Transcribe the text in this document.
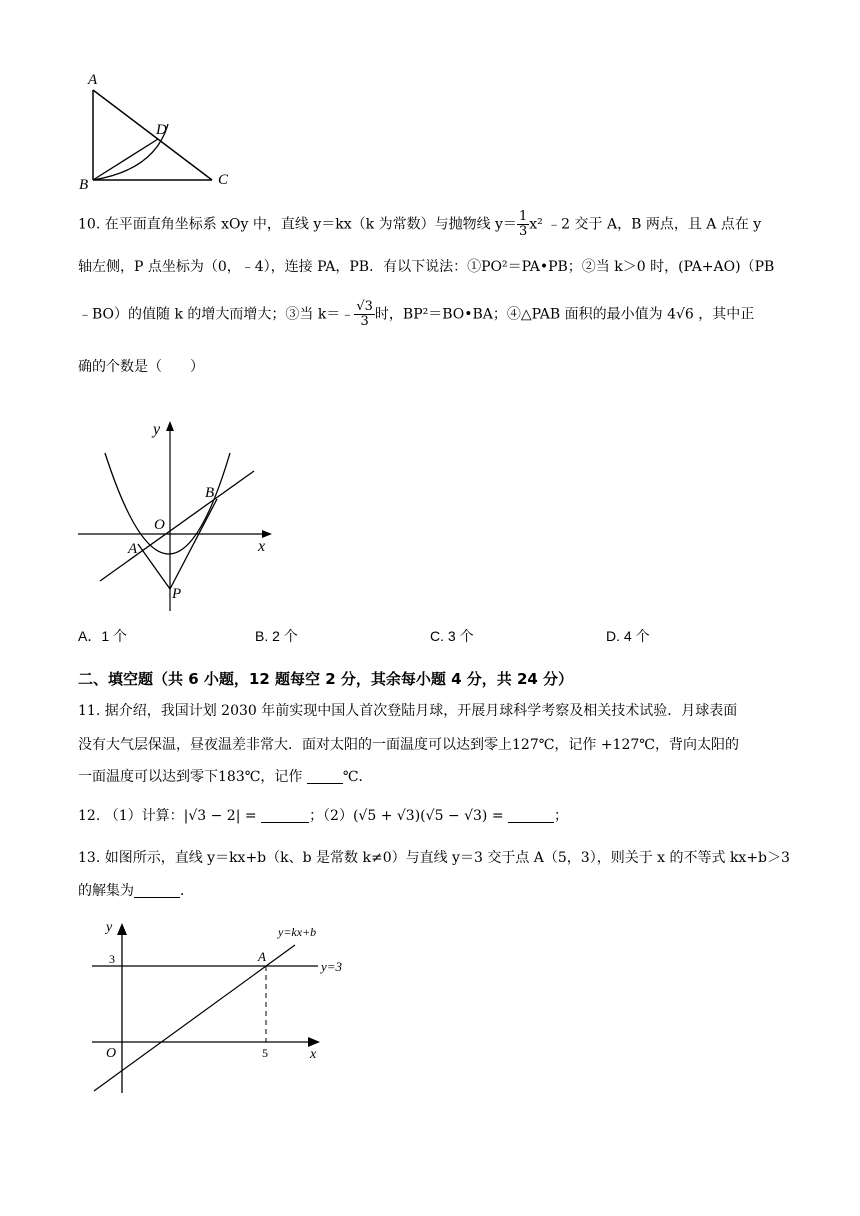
A
D
B	C
10. 在平面直角坐标系 xOy 中，直线 y＝kx（k 为常数）与抛物线 $y= \frac{1}{3} x^2$ ﹣2 交于 A，B 两点，且 A 点在 y
轴左侧，P 点坐标为（0，﹣4），连接 PA，PB．有以下说法：①PO²＝PA•PB；②当 k＞0 时，(PA+AO)（PB
﹣BO）的值随 k 的增大而增大；③当 k＝﹣ $\frac{√3}{3}$ 时，BP²＝BO•BA；④△PAB 面积的最小值为 4√6 ，其中正
确的个数是（　　）
y
B
O
A	x
P
A．1 个	B. 2 个	C. 3 个	D. 4 个
二、填空题（共 6 小题，12 题每空 2 分，其余每小题 4 分，共 24 分）
11. 据介绍，我国计划 2030 年前实现中国人首次登陆月球，开展月球科学考察及相关技术试验．月球表面
没有大气层保温，昼夜温差非常大．面对太阳的一面温度可以达到零上127℃，记作 +127℃，背向太阳的
一面温度可以达到零下183℃，记作	℃．
12. （1）计算：|√3 − 2| =	；（2）(√5 + √3)(√5 − √3) =	；
13. 如图所示，直线 y＝kx+b（k、b 是常数 k≠0）与直线 y＝3 交于点 A（5，3），则关于 x 的不等式 kx+b＞3
的解集为	．
y	y=kx+b
A
y=3
3
O	5	x
